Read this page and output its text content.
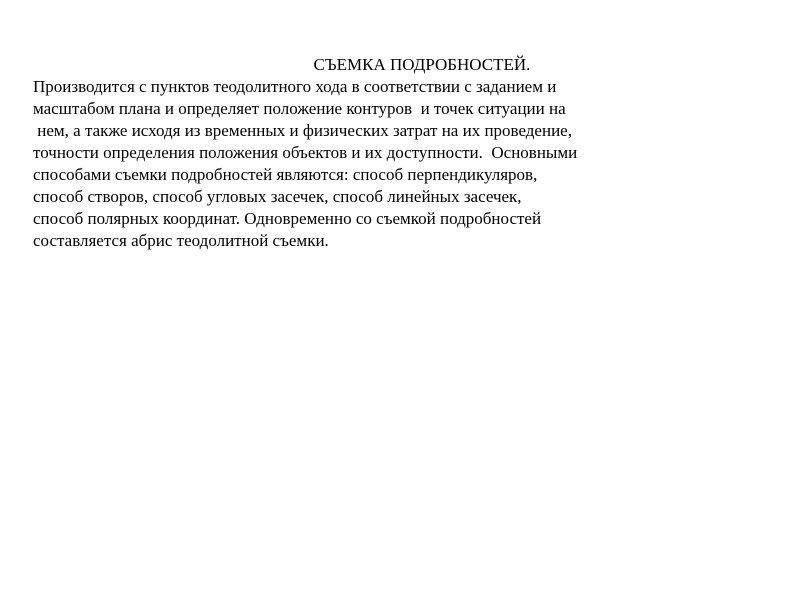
СЪЕМКА ПОДРОБНОСТЕЙ.
Производится с пунктов теодолитного хода в соответствии с заданием и
масштабом плана и определяет положение контуров  и точек ситуации на
нем, а также исходя из временных и физических затрат на их проведение,
точности определения положения объектов и их доступности.  Основными
способами съемки подробностей являются: способ перпендикуляров,
способ створов, способ угловых засечек, способ линейных засечек,
способ полярных координат. Одновременно со съемкой подробностей
составляется абрис теодолитной съемки.
